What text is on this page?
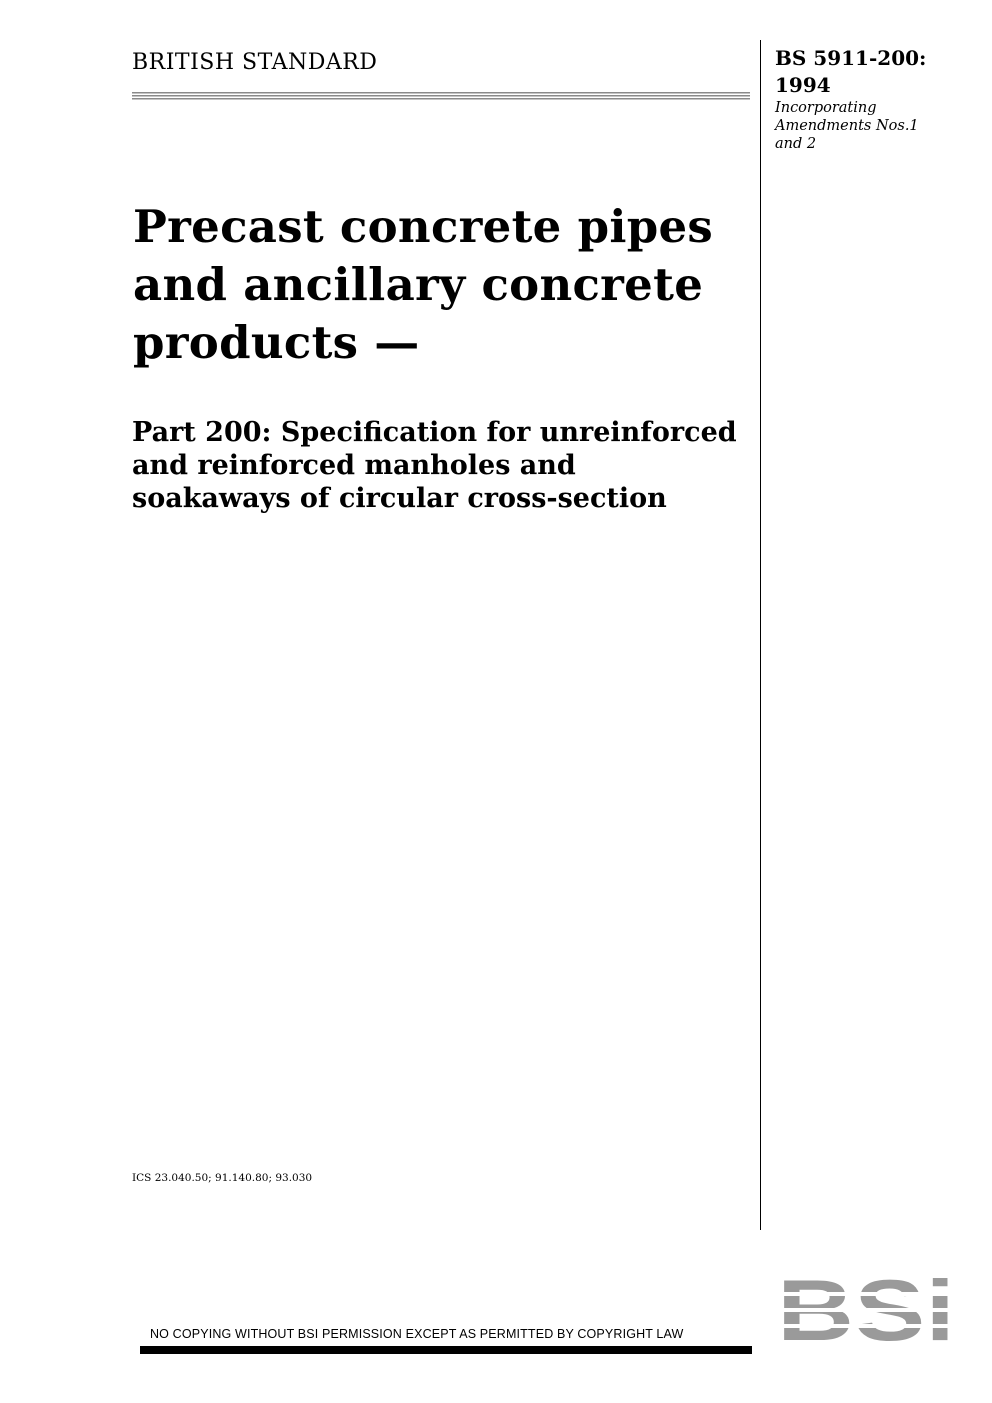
BRITISH STANDARD	BS 5911-200:
1994
Incorporating
Amendments Nos.1
and 2
Precast concrete pipes
and ancillary concrete
products —
Part 200: Specification for unreinforced
and reinforced manholes and
soakaways of circular cross-section
ICS 23.040.50; 91.140.80; 93.030
NO COPYING WITHOUT BSI PERMISSION EXCEPT AS PERMITTED BY COPYRIGHT LAW	BSi
